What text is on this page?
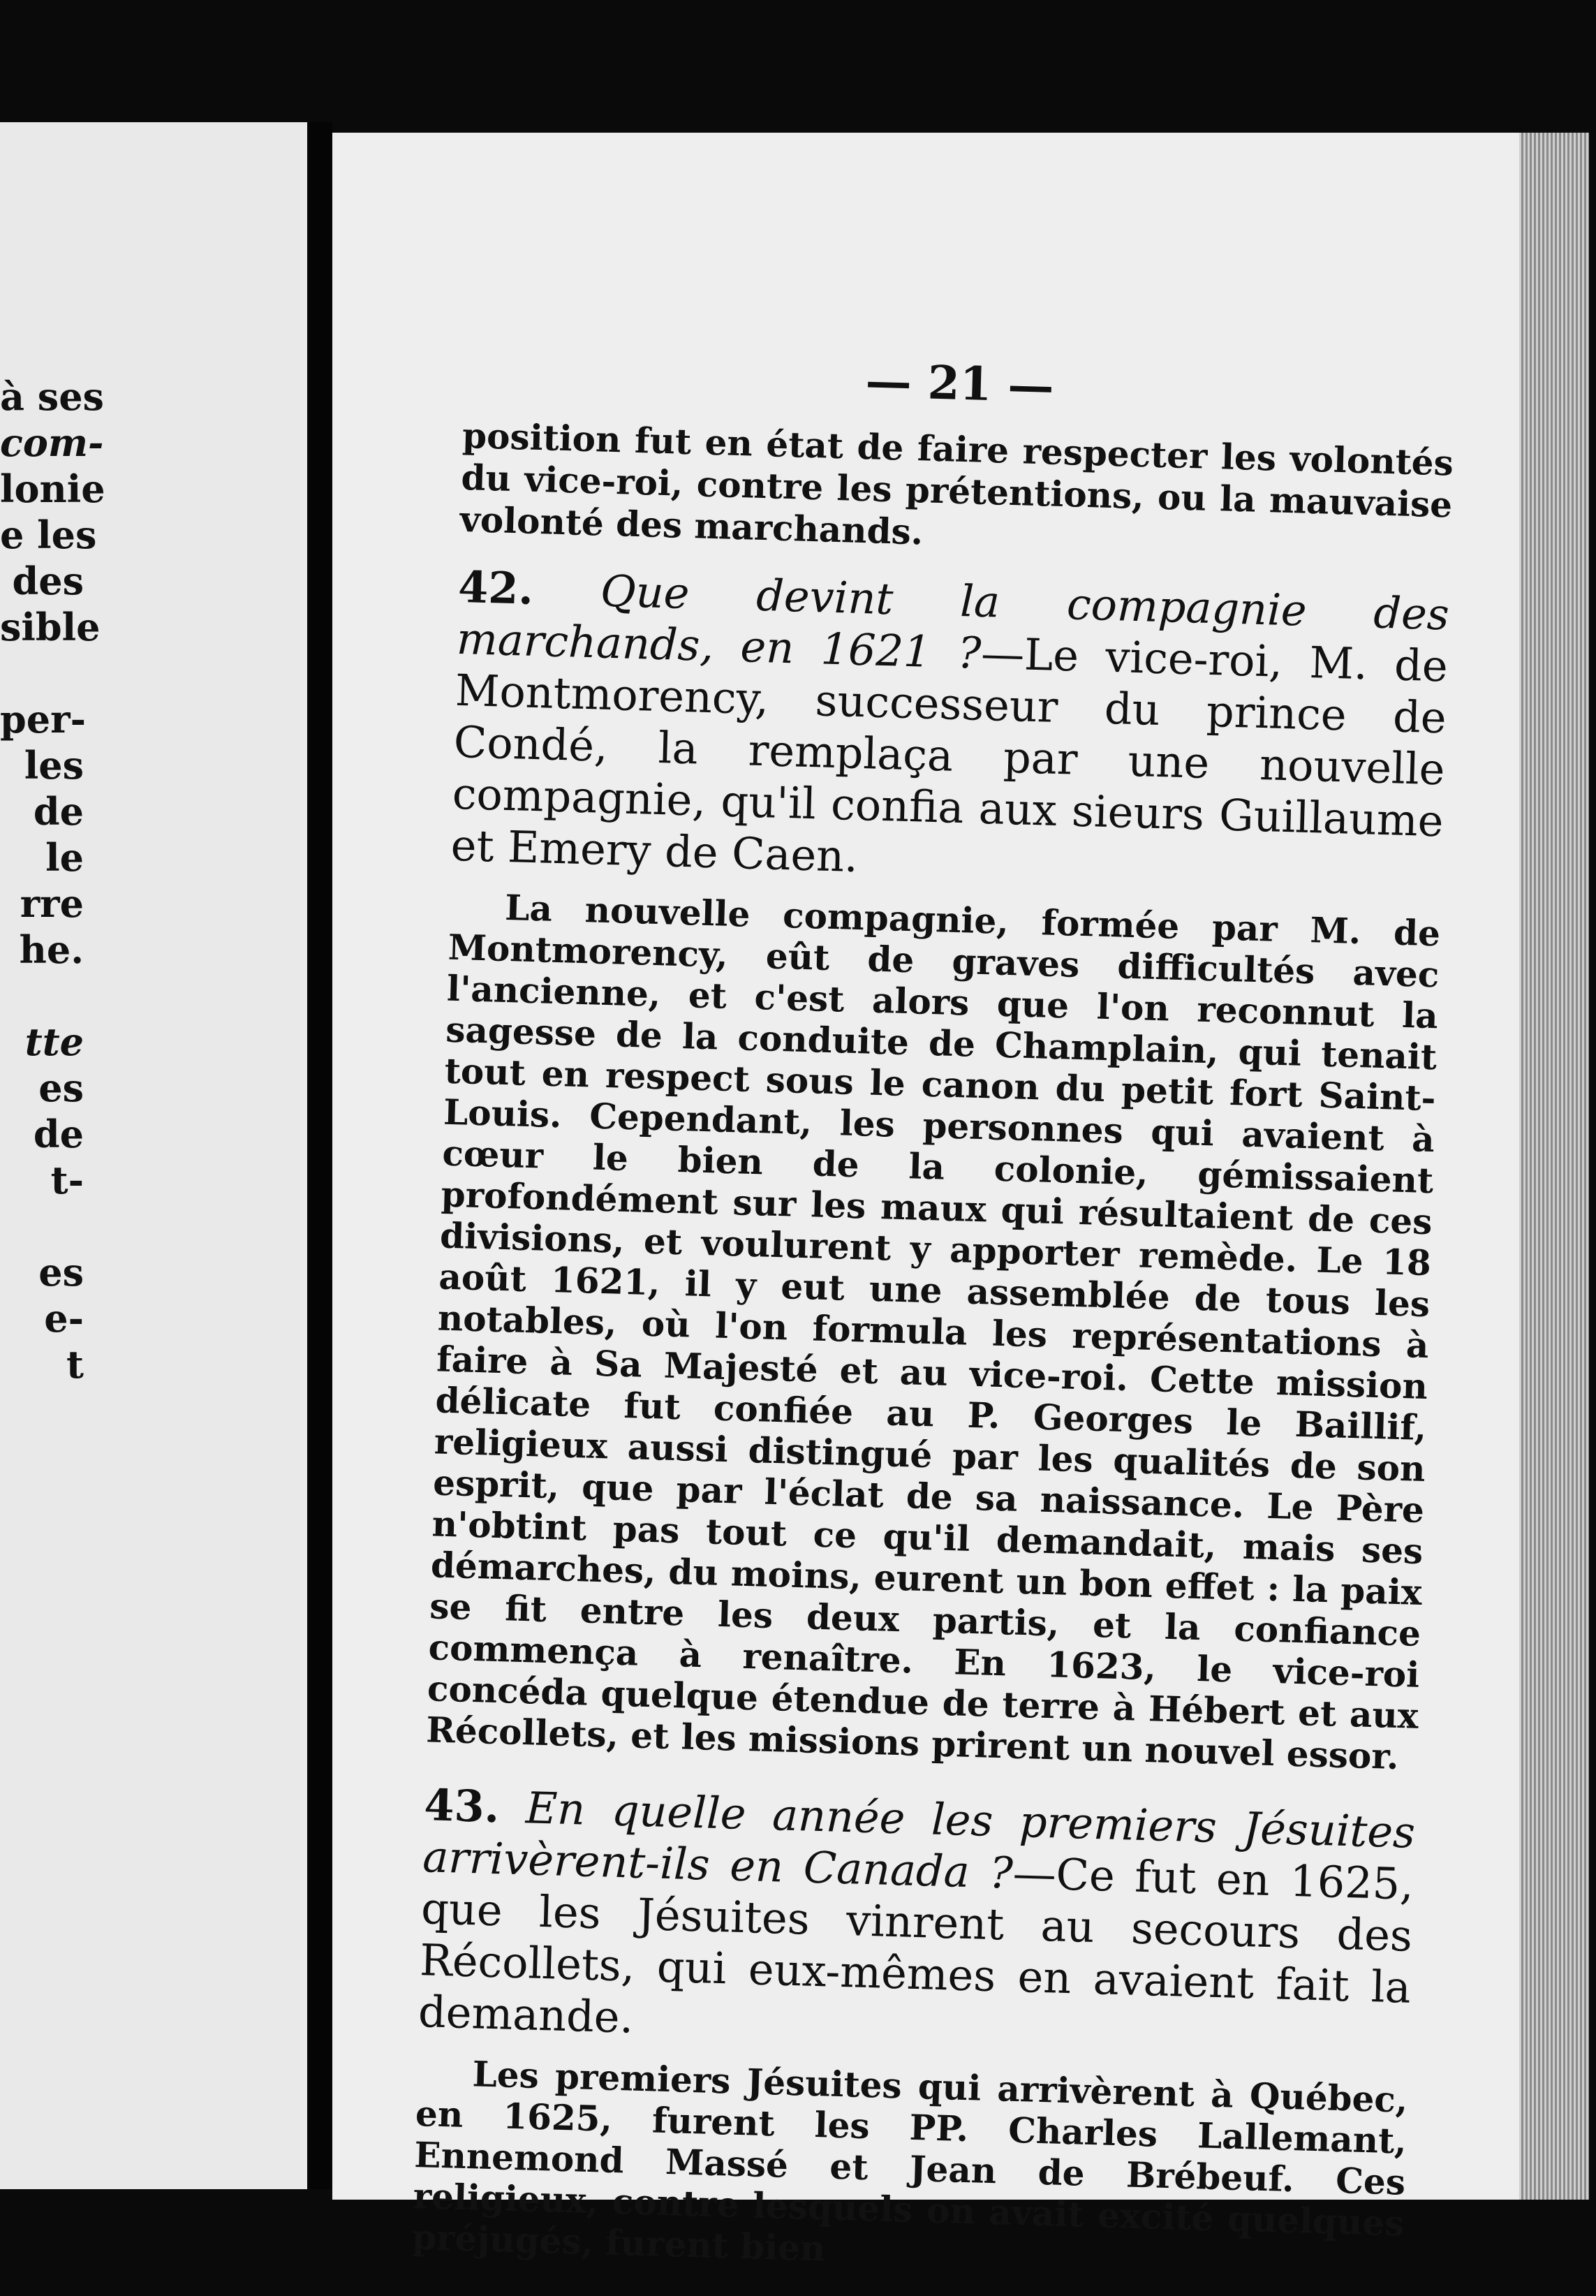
à ses
com-
lonie
e les
des
sible
per-
les
de
le
rre
he.
tte
es
de
t-
es
e-
t
— 21 —

position fut en état de faire respecter les volontés du vice-roi, contre les prétentions, ou la mauvaise volonté des marchands.

42. Que devint la compagnie des marchands, en 1621 ?—Le vice-roi, M. de Montmorency, successeur du prince de Condé, la remplaça par une nouvelle compagnie, qu'il confia aux sieurs Guillaume et Emery de Caen.

La nouvelle compagnie, formée par M. de Montmorency, eût de graves difficultés avec l'ancienne, et c'est alors que l'on reconnut la sagesse de la conduite de Champlain, qui tenait tout en respect sous le canon du petit fort Saint-Louis. Cependant, les personnes qui avaient à cœur le bien de la colonie, gémissaient profondément sur les maux qui résultaient de ces divisions, et voulurent y apporter remède. Le 18 août 1621, il y eut une assemblée de tous les notables, où l'on formula les représentations à faire à Sa Majesté et au vice-roi. Cette mission délicate fut confiée au P. Georges le Baillif, religieux aussi distingué par les qualités de son esprit, que par l'éclat de sa naissance. Le Père n'obtint pas tout ce qu'il demandait, mais ses démarches, du moins, eurent un bon effet : la paix se fit entre les deux partis, et la confiance commença à renaître. En 1623, le vice-roi concéda quelque étendue de terre à Hébert et aux Récollets, et les missions prirent un nouvel essor.

43. En quelle année les premiers Jésuites arrivèrent-ils en Canada ?—Ce fut en 1625, que les Jésuites vinrent au secours des Récollets, qui eux-mêmes en avaient fait la demande.

Les premiers Jésuites qui arrivèrent à Québec, en 1625, furent les PP. Charles Lallemant, Ennemond Massé et Jean de Brébeuf. Ces religieux, contre lesquels on avait excité quelques préjugés, furent bien
